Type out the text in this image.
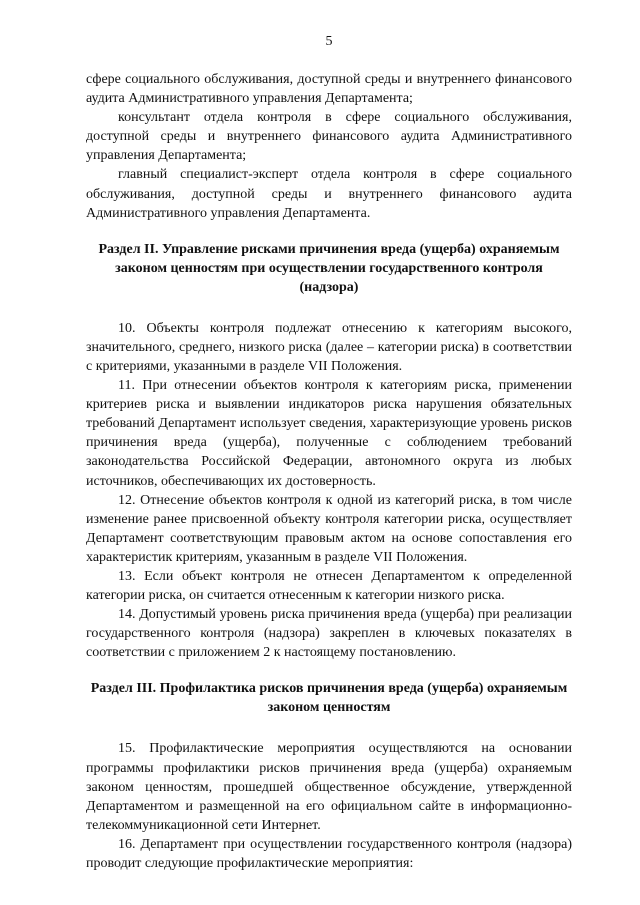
5

сфере социального обслуживания, доступной среды и внутреннего финансового аудита Административного управления Департамента;

консультант отдела контроля в сфере социального обслуживания, доступной среды и внутреннего финансового аудита Административного управления Департамента;

главный специалист-эксперт отдела контроля в сфере социального обслуживания, доступной среды и внутреннего финансового аудита Административного управления Департамента.

Раздел II. Управление рисками причинения вреда (ущерба) охраняемым законом ценностям при осуществлении государственного контроля (надзора)

10. Объекты контроля подлежат отнесению к категориям высокого, значительного, среднего, низкого риска (далее – категории риска) в соответствии с критериями, указанными в разделе VII Положения.

11. При отнесении объектов контроля к категориям риска, применении критериев риска и выявлении индикаторов риска нарушения обязательных требований Департамент использует сведения, характеризующие уровень рисков причинения вреда (ущерба), полученные с соблюдением требований законодательства Российской Федерации, автономного округа из любых источников, обеспечивающих их достоверность.

12. Отнесение объектов контроля к одной из категорий риска, в том числе изменение ранее присвоенной объекту контроля категории риска, осуществляет Департамент соответствующим правовым актом на основе сопоставления его характеристик критериям, указанным в разделе VII Положения.

13. Если объект контроля не отнесен Департаментом к определенной категории риска, он считается отнесенным к категории низкого риска.

14. Допустимый уровень риска причинения вреда (ущерба) при реализации государственного контроля (надзора) закреплен в ключевых показателях в соответствии с приложением 2 к настоящему постановлению.

Раздел III. Профилактика рисков причинения вреда (ущерба) охраняемым законом ценностям

15. Профилактические мероприятия осуществляются на основании программы профилактики рисков причинения вреда (ущерба) охраняемым законом ценностям, прошедшей общественное обсуждение, утвержденной Департаментом и размещенной на его официальном сайте в информационно-телекоммуникационной сети Интернет.

16. Департамент при осуществлении государственного контроля (надзора) проводит следующие профилактические мероприятия:
